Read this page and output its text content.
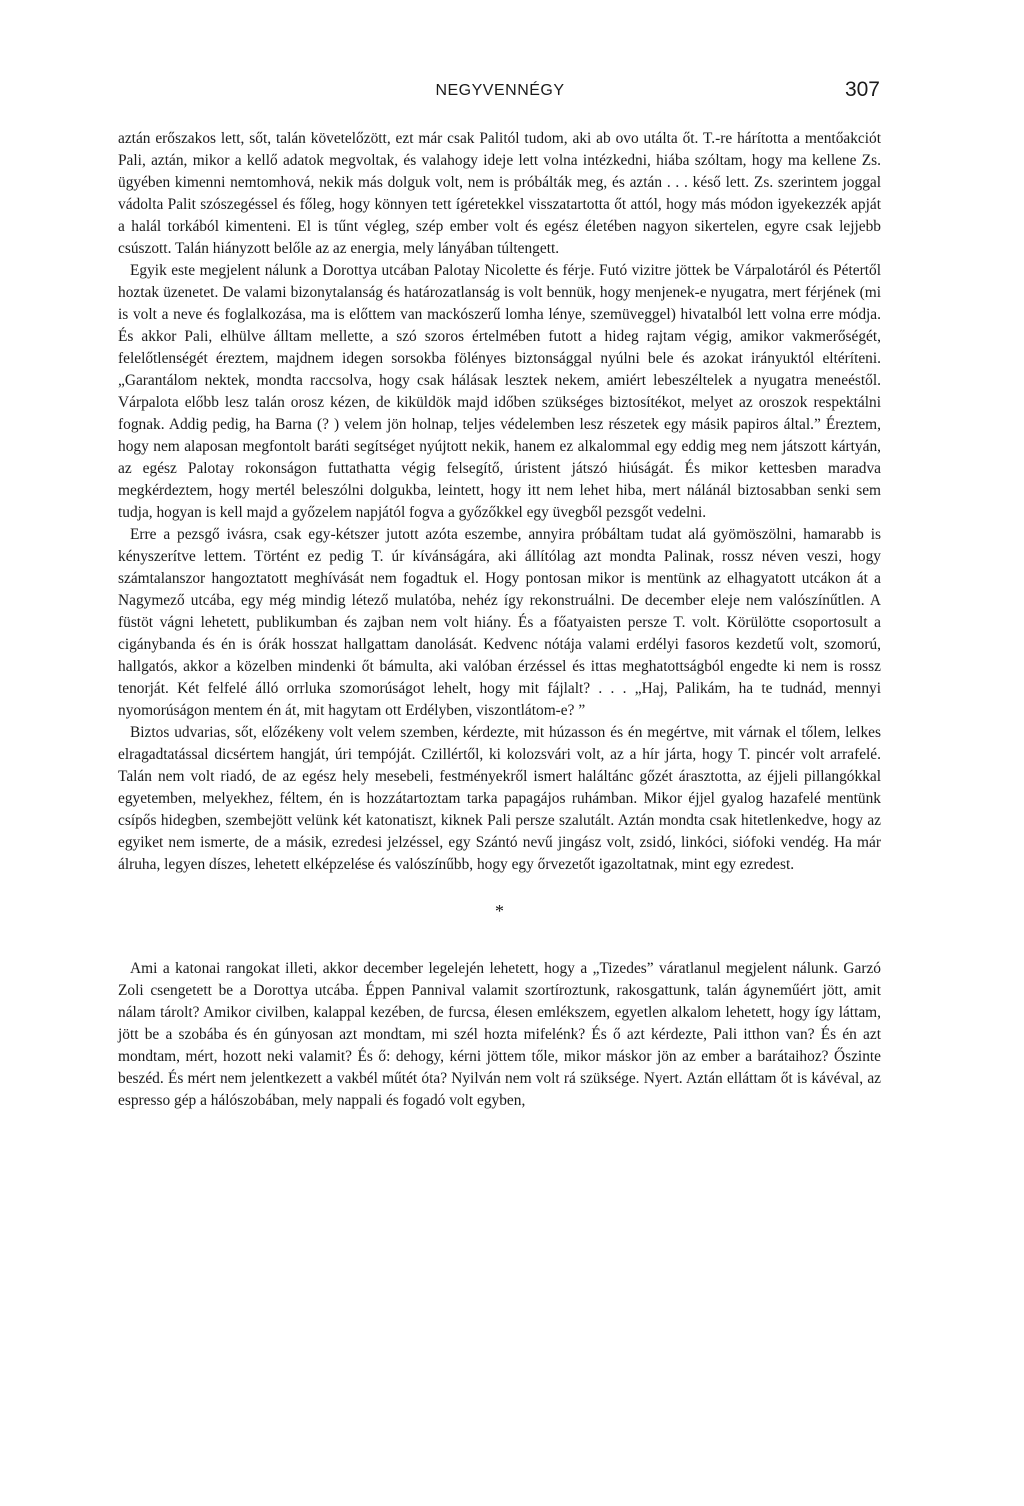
NEGYVENNÉGY	307

aztán erőszakos lett, sőt, talán követelőzött, ezt már csak Palitól tudom, aki ab ovo utálta őt. T.-re hárította a mentőakciót Pali, aztán, mikor a kellő adatok megvoltak, és valahogy ideje lett volna intézkedni, hiába szóltam, hogy ma kellene Zs. ügyében kimenni nemtomhová, nekik más dolguk volt, nem is próbálták meg, és aztán . . . késő lett. Zs. szerintem joggal vádolta Palit szószegéssel és főleg, hogy könnyen tett ígéretekkel visszatartotta őt attól, hogy más módon igyekezzék apját a halál torkából kimenteni. El is tűnt végleg, szép ember volt és egész életében nagyon sikertelen, egyre csak lejjebb csúszott. Talán hiányzott belőle az az energia, mely lányában túltengett.

Egyik este megjelent nálunk a Dorottya utcában Palotay Nicolette és férje. Futó vizitre jöttek be Várpalotáról és Pétertől hoztak üzenetet. De valami bizonytalanság és határozatlanság is volt bennük, hogy menjenek-e nyugatra, mert férjének (mi is volt a neve és foglalkozása, ma is előttem van mackószerű lomha lénye, szemüveggel) hivatalból lett volna erre módja. És akkor Pali, elhülve álltam mellette, a szó szoros értelmében futott a hideg rajtam végig, amikor vakmerőségét, felelőtlenségét éreztem, majdnem idegen sorsokba fölényes biztonsággal nyúlni bele és azokat irányuktól eltéríteni. „Garantálom nektek, mondta raccsolva, hogy csak hálásak lesztek nekem, amiért lebeszéltelek a nyugatra meneéstől. Várpalota előbb lesz talán orosz kézen, de kiküldök majd időben szükséges biztosítékot, melyet az oroszok respektálni fognak. Addig pedig, ha Barna (? ) velem jön holnap, teljes védelemben lesz részetek egy másik papiros által.” Éreztem, hogy nem alaposan megfontolt baráti segítséget nyújtott nekik, hanem ez alkalommal egy eddig meg nem játszott kártyán, az egész Palotay rokonságon futtathatta végig felsegítő, úristent játszó hiúságát. És mikor kettesben maradva megkérdeztem, hogy mertél beleszólni dolgukba, leintett, hogy itt nem lehet hiba, mert nálánál biztosabban senki sem tudja, hogyan is kell majd a győzelem napjától fogva a győzőkkel egy üvegből pezsgőt vedelni.

Erre a pezsgő ivásra, csak egy-kétszer jutott azóta eszembe, annyira próbáltam tudat alá gyömöszölni, hamarabb is kényszerítve lettem. Történt ez pedig T. úr kívánságára, aki állítólag azt mondta Palinak, rossz néven veszi, hogy számtalanszor hangoztatott meghívását nem fogadtuk el. Hogy pontosan mikor is mentünk az elhagyatott utcákon át a Nagymező utcába, egy még mindig létező mulatóba, nehéz így rekonstruálni. De december eleje nem valószínűtlen. A füstöt vágni lehetett, publikumban és zajban nem volt hiány. És a főatyaisten persze T. volt. Körülötte csoportosult a cigánybanda és én is órák hosszat hallgattam danolását. Kedvenc nótája valami erdélyi fasoros kezdetű volt, szomorú, hallgatós, akkor a közelben mindenki őt bámulta, aki valóban érzéssel és ittas meghatottságból engedte ki nem is rossz tenorját. Két felfelé álló orrluka szomorúságot lehelt, hogy mit fájlalt? . . . „Haj, Palikám, ha te tudnád, mennyi nyomorúságon mentem én át, mit hagytam ott Erdélyben, viszontlátom-e? ”

Biztos udvarias, sőt, előzékeny volt velem szemben, kérdezte, mit húzasson és én megértve, mit várnak el tőlem, lelkes elragadtatással dicsértem hangját, úri tempóját. Czillértől, ki kolozsvári volt, az a hír járta, hogy T. pincér volt arrafelé. Talán nem volt riadó, de az egész hely mesebeli, festményekről ismert haláltánc gőzét árasztotta, az éjjeli pillangókkal egyetemben, melyekhez, féltem, én is hozzátartoztam tarka papagájos ruhámban. Mikor éjjel gyalog hazafelé mentünk csípős hidegben, szembejött velünk két katonatiszt, kiknek Pali persze szalutált. Aztán mondta csak hitetlenkedve, hogy az egyiket nem ismerte, de a másik, ezredesi jelzéssel, egy Szántó nevű jingász volt, zsidó, linkóci, siófoki vendég. Ha már álruha, legyen díszes, lehetett elképzelése és valószínűbb, hogy egy őrvezetőt igazoltatnak, mint egy ezredest.

*

Ami a katonai rangokat illeti, akkor december legelején lehetett, hogy a „Tizedes” váratlanul megjelent nálunk. Garzó Zoli csengetett be a Dorottya utcába. Éppen Pannival valamit szortíroztunk, rakosgattunk, talán ágyneműért jött, amit nálam tárolt? Amikor civilben, kalappal kezében, de furcsa, élesen emlékszem, egyetlen alkalom lehetett, hogy így láttam, jött be a szobába és én gúnyosan azt mondtam, mi szél hozta mifelénk? És ő azt kérdezte, Pali itthon van? És én azt mondtam, mért, hozott neki valamit? És ő: dehogy, kérni jöttem tőle, mikor máskor jön az ember a barátaihoz? Őszinte beszéd. És mért nem jelentkezett a vakbél műtét óta? Nyilván nem volt rá szüksége. Nyert. Aztán elláttam őt is kávéval, az espresso gép a hálószobában, mely nappali és fogadó volt egyben,
